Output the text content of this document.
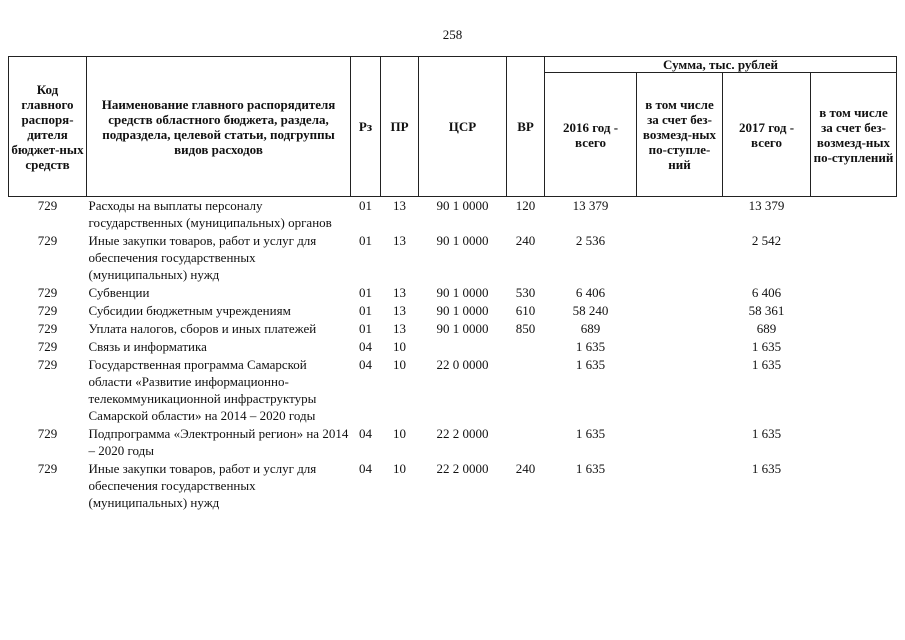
258
Код главного распоря-дителя бюджет-ных средств	Наименование главного распорядителя средств областного бюджета, раздела, подраздела, целевой статьи, подгруппы видов расходов	Рз	ПР	ЦСР	ВР	Сумма, тыс. рублей			
						2016 год - всего	в том числе за счет без-возмезд-ных по-ступле-ний	2017 год - всего	в том числе за счет без-возмезд-ных по-ступлений
729	Расходы на выплаты персоналу государственных (муниципальных) органов	01	13	90 1 0000	120	13 379		13 379	
729	Иные закупки товаров, работ и услуг для обеспечения государственных (муниципальных) нужд	01	13	90 1 0000	240	2 536		2 542	
729	Субвенции	01	13	90 1 0000	530	6 406		6 406	
729	Субсидии бюджетным учреждениям	01	13	90 1 0000	610	58 240		58 361	
729	Уплата налогов, сборов и иных платежей	01	13	90 1 0000	850	689		689	
729	Связь и информатика	04	10			1 635		1 635	
729	Государственная программа Самарской области «Развитие информационно-телекоммуникационной инфраструктуры Самарской области» на 2014 – 2020 годы	04	10	22 0 0000		1 635		1 635	
729	Подпрограмма «Электронный регион» на 2014 – 2020 годы	04	10	22 2 0000		1 635		1 635	
729	Иные закупки товаров, работ и услуг для обеспечения государственных (муниципальных) нужд	04	10	22 2 0000	240	1 635		1 635	
